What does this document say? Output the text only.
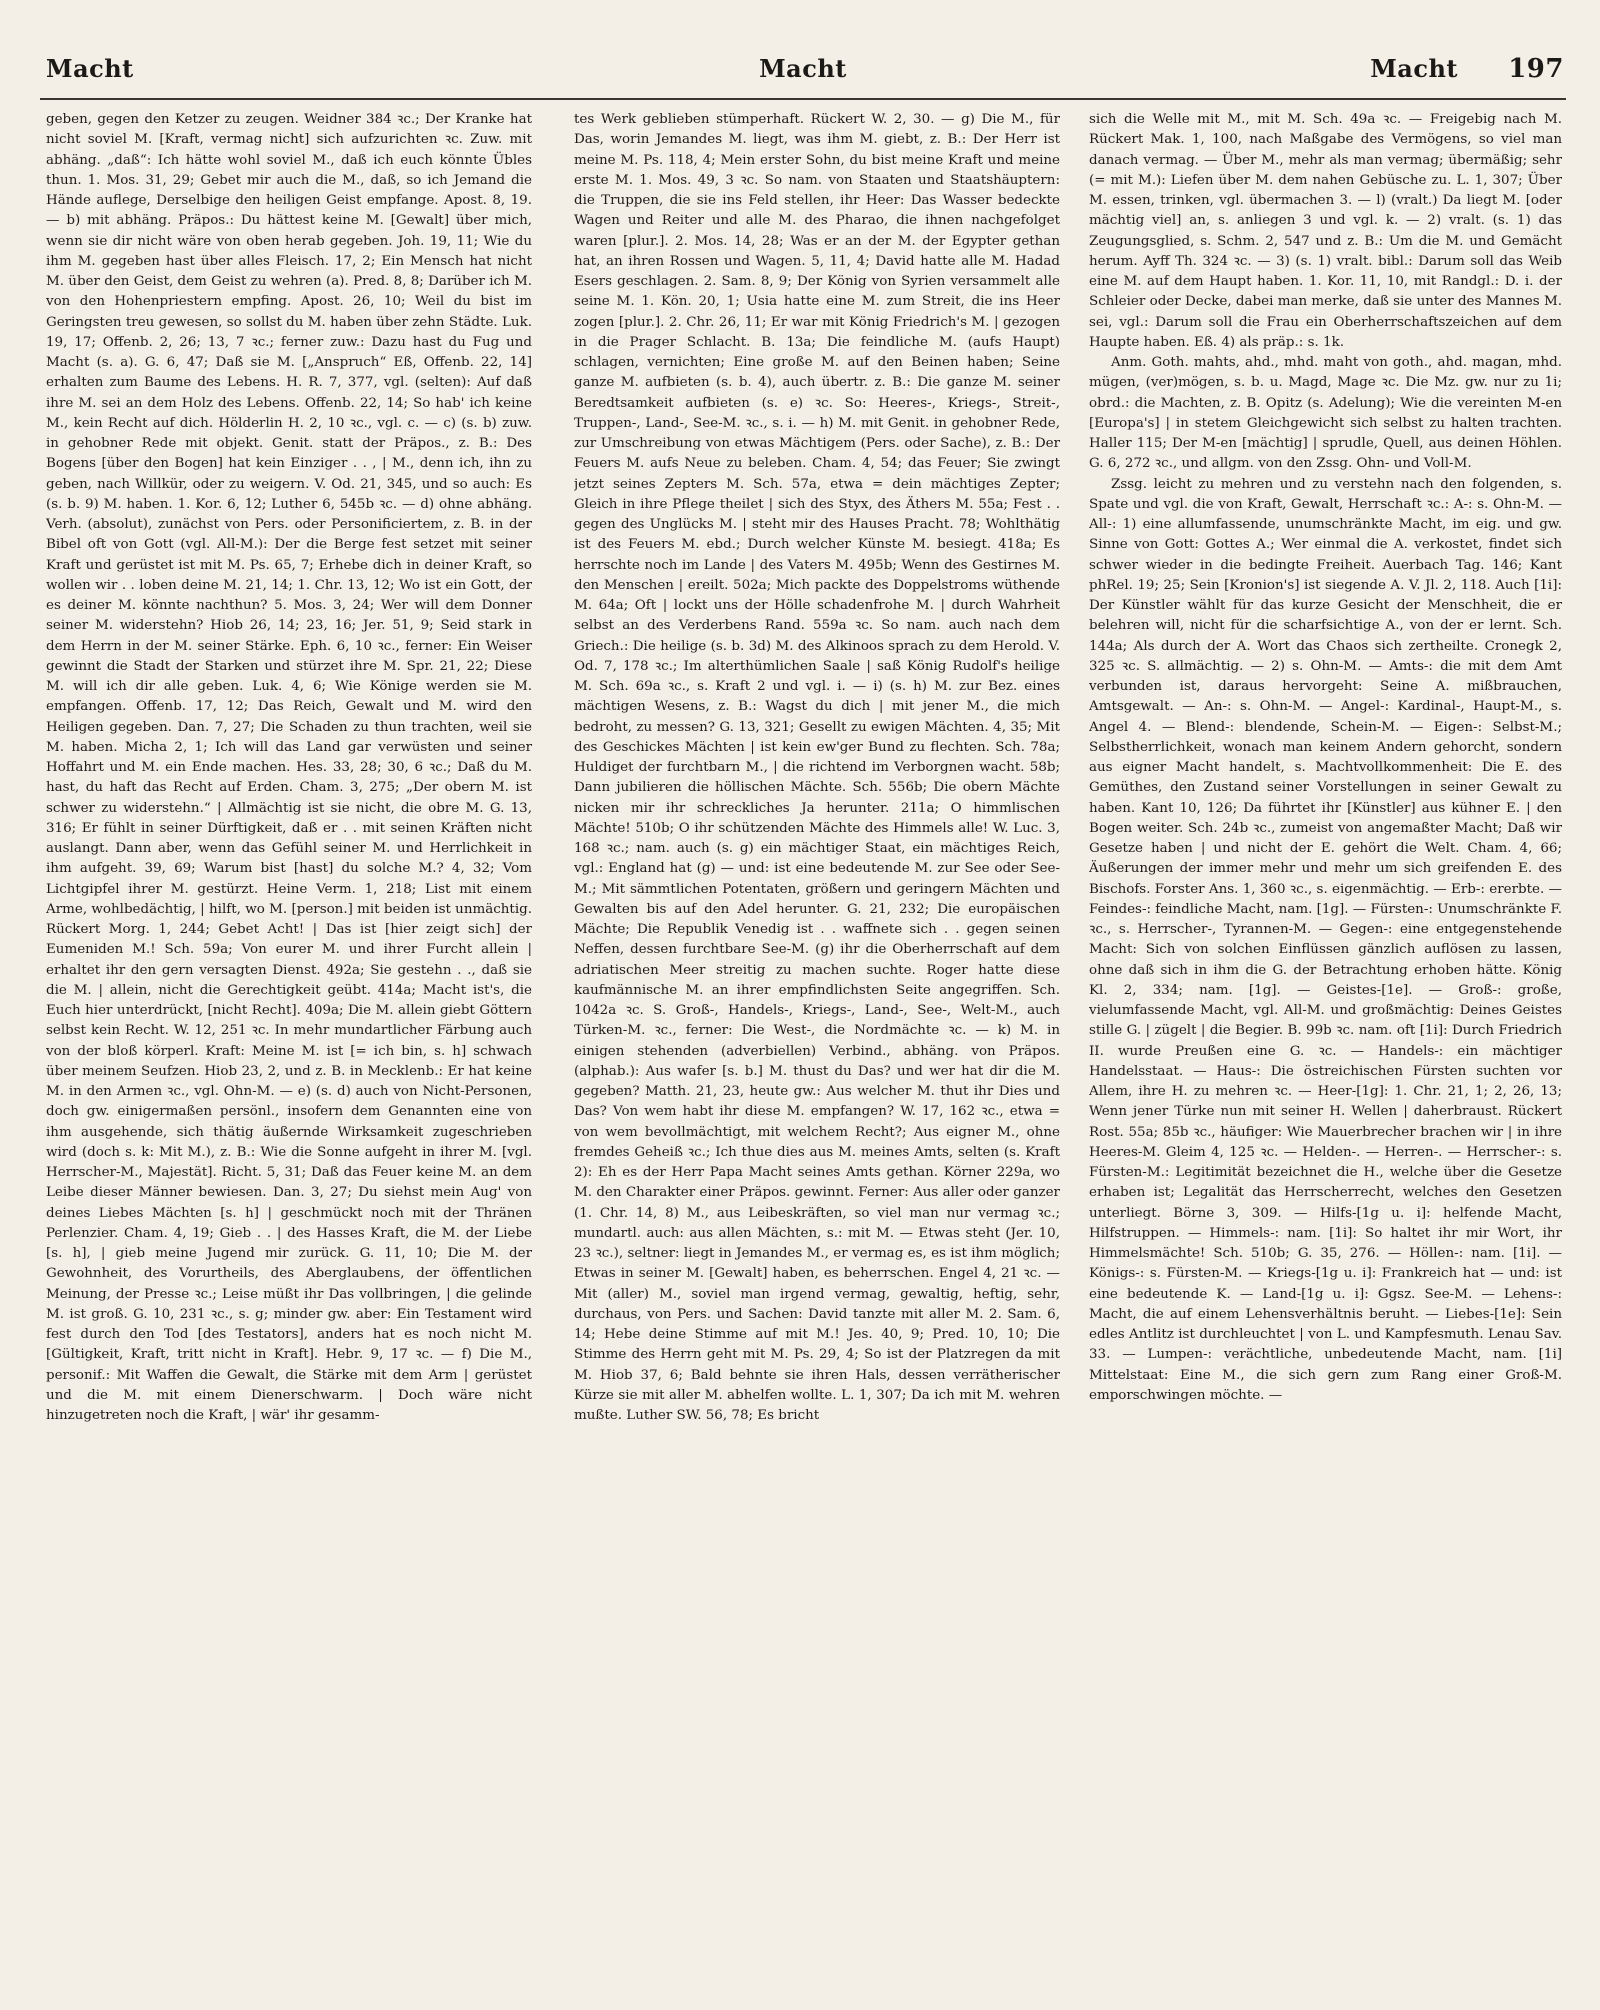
Macht	Macht	Macht 197

geben, gegen den Ketzer zu zeugen. Weidner 384 ꝛc.; Der Kranke hat nicht soviel M. [Kraft, vermag nicht] sich aufzurichten ꝛc. Zuw. mit abhäng. „daß“: Ich hätte wohl soviel M., daß ich euch könnte Übles thun. 1. Mos. 31, 29; Gebet mir auch die M., daß, so ich Jemand die Hände auflege, Derselbige den heiligen Geist empfange. Apost. 8, 19. — b) mit abhäng. Präpos.: Du hättest keine M. [Gewalt] über mich, wenn sie dir nicht wäre von oben herab gegeben. Joh. 19, 11; Wie du ihm M. gegeben hast über alles Fleisch. 17, 2; Ein Mensch hat nicht M. über den Geist, dem Geist zu wehren (a). Pred. 8, 8; Darüber ich M. von den Hohenpriestern empfing. Apost. 26, 10; Weil du bist im Geringsten treu gewesen, so sollst du M. haben über zehn Städte. Luk. 19, 17; Offenb. 2, 26; 13, 7 ꝛc.; ferner zuw.: Dazu hast du Fug und Macht (s. a). G. 6, 47; Daß sie M. [„Anspruch“ Eß, Offenb. 22, 14] erhalten zum Baume des Lebens. H. R. 7, 377, vgl. (selten): Auf daß ihre M. sei an dem Holz des Lebens. Offenb. 22, 14; So hab' ich keine M., kein Recht auf dich. Hölderlin H. 2, 10 ꝛc., vgl. c. — c) (s. b) zuw. in gehobner Rede mit objekt. Genit. statt der Präpos., z. B.: Des Bogens [über den Bogen] hat kein Einziger . . , | M., denn ich, ihn zu geben, nach Willkür, oder zu weigern. V. Od. 21, 345, und so auch: Es (s. b. 9) M. haben. 1. Kor. 6, 12; Luther 6, 545b ꝛc. — d) ohne abhäng. Verh. (absolut), zunächst von Pers. oder Personificiertem, z. B. in der Bibel oft von Gott (vgl. All-M.): Der die Berge fest setzet mit seiner Kraft und gerüstet ist mit M. Ps. 65, 7; Erhebe dich in deiner Kraft, so wollen wir . . loben deine M. 21, 14; 1. Chr. 13, 12; Wo ist ein Gott, der es deiner M. könnte nachthun? 5. Mos. 3, 24; Wer will dem Donner seiner M. widerstehn? Hiob 26, 14; 23, 16; Jer. 51, 9; Seid stark in dem Herrn in der M. seiner Stärke. Eph. 6, 10 ꝛc., ferner: Ein Weiser gewinnt die Stadt der Starken und stürzet ihre M. Spr. 21, 22; Diese M. will ich dir alle geben. Luk. 4, 6; Wie Könige werden sie M. empfangen. Offenb. 17, 12; Das Reich, Gewalt und M. wird den Heiligen gegeben. Dan. 7, 27; Die Schaden zu thun trachten, weil sie M. haben. Micha 2, 1; Ich will das Land gar verwüsten und seiner Hoffahrt und M. ein Ende machen. Hes. 33, 28; 30, 6 ꝛc.; Daß du M. hast, du haft das Recht auf Erden. Cham. 3, 275; „Der obern M. ist schwer zu widerstehn.“ | Allmächtig ist sie nicht, die obre M. G. 13, 316; Er fühlt in seiner Dürftigkeit, daß er . . mit seinen Kräften nicht auslangt. Dann aber, wenn das Gefühl seiner M. und Herrlichkeit in ihm aufgeht. 39, 69; Warum bist [hast] du solche M.? 4, 32; Vom Lichtgipfel ihrer M. gestürzt. Heine Verm. 1, 218; List mit einem Arme, wohlbedächtig, | hilft, wo M. [person.] mit beiden ist unmächtig. Rückert Morg. 1, 244; Gebet Acht! | Das ist [hier zeigt sich] der Eumeniden M.! Sch. 59a; Von eurer M. und ihrer Furcht allein | erhaltet ihr den gern versagten Dienst. 492a; Sie gestehn . ., daß sie die M. | allein, nicht die Gerechtigkeit geübt. 414a; Macht ist's, die Euch hier unterdrückt, [nicht Recht]. 409a; Die M. allein giebt Göttern selbst kein Recht. W. 12, 251 ꝛc. In mehr mundartlicher Färbung auch von der bloß körperl. Kraft: Meine M. ist [= ich bin, s. h] schwach über meinem Seufzen. Hiob 23, 2, und z. B. in Mecklenb.: Er hat keine M. in den Armen ꝛc., vgl. Ohn-M. — e) (s. d) auch von Nicht-Personen, doch gw. einigermaßen persönl., insofern dem Genannten eine von ihm ausgehende, sich thätig äußernde Wirksamkeit zugeschrieben wird (doch s. k: Mit M.), z. B.: Wie die Sonne aufgeht in ihrer M. [vgl. Herrscher-M., Majestät]. Richt. 5, 31; Daß das Feuer keine M. an dem Leibe dieser Männer bewiesen. Dan. 3, 27; Du siehst mein Aug' von deines Liebes Mächten [s. h] | geschmückt noch mit der Thränen Perlenzier. Cham. 4, 19; Gieb . . | des Hasses Kraft, die M. der Liebe [s. h], | gieb meine Jugend mir zurück. G. 11, 10; Die M. der Gewohnheit, des Vorurtheils, des Aberglaubens, der öffentlichen Meinung, der Presse ꝛc.; Leise müßt ihr Das vollbringen, | die gelinde M. ist groß. G. 10, 231 ꝛc., s. g; minder gw. aber: Ein Testament wird fest durch den Tod [des Testators], anders hat es noch nicht M. [Gültigkeit, Kraft, tritt nicht in Kraft]. Hebr. 9, 17 ꝛc. — f) Die M., personif.: Mit Waffen die Gewalt, die Stärke mit dem Arm | gerüstet und die M. mit einem Dienerschwarm. | Doch wäre nicht hinzugetreten noch die Kraft, | wär' ihr gesamm-

tes Werk geblieben stümperhaft. Rückert W. 2, 30. — g) Die M., für Das, worin Jemandes M. liegt, was ihm M. giebt, z. B.: Der Herr ist meine M. Ps. 118, 4; Mein erster Sohn, du bist meine Kraft und meine erste M. 1. Mos. 49, 3 ꝛc. So nam. von Staaten und Staatshäuptern: die Truppen, die sie ins Feld stellen, ihr Heer: Das Wasser bedeckte Wagen und Reiter und alle M. des Pharao, die ihnen nachgefolget waren [plur.]. 2. Mos. 14, 28; Was er an der M. der Egypter gethan hat, an ihren Rossen und Wagen. 5, 11, 4; David hatte alle M. Hadad Esers geschlagen. 2. Sam. 8, 9; Der König von Syrien versammelt alle seine M. 1. Kön. 20, 1; Usia hatte eine M. zum Streit, die ins Heer zogen [plur.]. 2. Chr. 26, 11; Er war mit König Friedrich's M. | gezogen in die Prager Schlacht. B. 13a; Die feindliche M. (aufs Haupt) schlagen, vernichten; Eine große M. auf den Beinen haben; Seine ganze M. aufbieten (s. b. 4), auch übertr. z. B.: Die ganze M. seiner Beredtsamkeit aufbieten (s. e) ꝛc. So: Heeres-, Kriegs-, Streit-, Truppen-, Land-, See-M. ꝛc., s. i. — h) M. mit Genit. in gehobner Rede, zur Umschreibung von etwas Mächtigem (Pers. oder Sache), z. B.: Der Feuers M. aufs Neue zu beleben. Cham. 4, 54; das Feuer; Sie zwingt jetzt seines Zepters M. Sch. 57a, etwa = dein mächtiges Zepter; Gleich in ihre Pflege theilet | sich des Styx, des Äthers M. 55a; Fest . . gegen des Unglücks M. | steht mir des Hauses Pracht. 78; Wohlthätig ist des Feuers M. ebd.; Durch welcher Künste M. besiegt. 418a; Es herrschte noch im Lande | des Vaters M. 495b; Wenn des Gestirnes M. den Menschen | ereilt. 502a; Mich packte des Doppelstroms wüthende M. 64a; Oft | lockt uns der Hölle schadenfrohe M. | durch Wahrheit selbst an des Verderbens Rand. 559a ꝛc. So nam. auch nach dem Griech.: Die heilige (s. b. 3d) M. des Alkinoos sprach zu dem Herold. V. Od. 7, 178 ꝛc.; Im alterthümlichen Saale | saß König Rudolf's heilige M. Sch. 69a ꝛc., s. Kraft 2 und vgl. i. — i) (s. h) M. zur Bez. eines mächtigen Wesens, z. B.: Wagst du dich | mit jener M., die mich bedroht, zu messen? G. 13, 321; Gesellt zu ewigen Mächten. 4, 35; Mit des Geschickes Mächten | ist kein ew'ger Bund zu flechten. Sch. 78a; Huldiget der furchtbarn M., | die richtend im Verborgnen wacht. 58b; Dann jubilieren die höllischen Mächte. Sch. 556b; Die obern Mächte nicken mir ihr schreckliches Ja herunter. 211a; O himmlischen Mächte! 510b; O ihr schützenden Mächte des Himmels alle! W. Luc. 3, 168 ꝛc.; nam. auch (s. g) ein mächtiger Staat, ein mächtiges Reich, vgl.: England hat (g) — und: ist eine bedeutende M. zur See oder See-M.; Mit sämmtlichen Potentaten, größern und geringern Mächten und Gewalten bis auf den Adel herunter. G. 21, 232; Die europäischen Mächte; Die Republik Venedig ist . . waffnete sich . . gegen seinen Neffen, dessen furchtbare See-M. (g) ihr die Oberherrschaft auf dem adriatischen Meer streitig zu machen suchte. Roger hatte diese kaufmännische M. an ihrer empfindlichsten Seite angegriffen. Sch. 1042a ꝛc. S. Groß-, Handels-, Kriegs-, Land-, See-, Welt-M., auch Türken-M. ꝛc., ferner: Die West-, die Nordmächte ꝛc. — k) M. in einigen stehenden (adverbiellen) Verbind., abhäng. von Präpos. (alphab.): Aus wafer [s. b.] M. thust du Das? und wer hat dir die M. gegeben? Matth. 21, 23, heute gw.: Aus welcher M. thut ihr Dies und Das? Von wem habt ihr diese M. empfangen? W. 17, 162 ꝛc., etwa = von wem bevollmächtigt, mit welchem Recht?; Aus eigner M., ohne fremdes Geheiß ꝛc.; Ich thue dies aus M. meines Amts, selten (s. Kraft 2): Eh es der Herr Papa Macht seines Amts gethan. Körner 229a, wo M. den Charakter einer Präpos. gewinnt. Ferner: Aus aller oder ganzer (1. Chr. 14, 8) M., aus Leibeskräften, so viel man nur vermag ꝛc.; mundartl. auch: aus allen Mächten, s.: mit M. — Etwas steht (Jer. 10, 23 ꝛc.), seltner: liegt in Jemandes M., er vermag es, es ist ihm möglich; Etwas in seiner M. [Gewalt] haben, es beherrschen. Engel 4, 21 ꝛc. — Mit (aller) M., soviel man irgend vermag, gewaltig, heftig, sehr, durchaus, von Pers. und Sachen: David tanzte mit aller M. 2. Sam. 6, 14; Hebe deine Stimme auf mit M.! Jes. 40, 9; Pred. 10, 10; Die Stimme des Herrn geht mit M. Ps. 29, 4; So ist der Platzregen da mit M. Hiob 37, 6; Bald behnte sie ihren Hals, dessen verrätherischer Kürze sie mit aller M. abhelfen wollte. L. 1, 307; Da ich mit M. wehren mußte. Luther SW. 56, 78; Es bricht

sich die Welle mit M., mit M. Sch. 49a ꝛc. — Freigebig nach M. Rückert Mak. 1, 100, nach Maßgabe des Vermögens, so viel man danach vermag. — Über M., mehr als man vermag; übermäßig; sehr (= mit M.): Liefen über M. dem nahen Gebüsche zu. L. 1, 307; Über M. essen, trinken, vgl. übermachen 3. — l) (vralt.) Da liegt M. [oder mächtig viel] an, s. anliegen 3 und vgl. k. — 2) vralt. (s. 1) das Zeugungsglied, s. Schm. 2, 547 und z. B.: Um die M. und Gemächt herum. Ayff Th. 324 ꝛc. — 3) (s. 1) vralt. bibl.: Darum soll das Weib eine M. auf dem Haupt haben. 1. Kor. 11, 10, mit Randgl.: D. i. der Schleier oder Decke, dabei man merke, daß sie unter des Mannes M. sei, vgl.: Darum soll die Frau ein Oberherrschaftszeichen auf dem Haupte haben. Eß. 4) als präp.: s. 1k.

Anm. Goth. mahts, ahd., mhd. maht von goth., ahd. magan, mhd. mügen, (ver)mögen, s. b. u. Magd, Mage ꝛc. Die Mz. gw. nur zu 1i; obrd.: die Machten, z. B. Opitz (s. Adelung); Wie die vereinten M-en [Europa's] | in stetem Gleichgewicht sich selbst zu halten trachten. Haller 115; Der M-en [mächtig] | sprudle, Quell, aus deinen Höhlen. G. 6, 272 ꝛc., und allgm. von den Zssg. Ohn- und Voll-M.

Zssg. leicht zu mehren und zu verstehn nach den folgenden, s. Spate und vgl. die von Kraft, Gewalt, Herrschaft ꝛc.: A-: s. Ohn-M. — All-: 1) eine allumfassende, unumschränkte Macht, im eig. und gw. Sinne von Gott: Gottes A.; Wer einmal die A. verkostet, findet sich schwer wieder in die bedingte Freiheit. Auerbach Tag. 146; Kant phRel. 19; 25; Sein [Kronion's] ist siegende A. V. Jl. 2, 118. Auch [1i]: Der Künstler wählt für das kurze Gesicht der Menschheit, die er belehren will, nicht für die scharfsichtige A., von der er lernt. Sch. 144a; Als durch der A. Wort das Chaos sich zertheilte. Cronegk 2, 325 ꝛc. S. allmächtig. — 2) s. Ohn-M. — Amts-: die mit dem Amt verbunden ist, daraus hervorgeht: Seine A. mißbrauchen, Amtsgewalt. — An-: s. Ohn-M. — Angel-: Kardinal-, Haupt-M., s. Angel 4. — Blend-: blendende, Schein-M. — Eigen-: Selbst-M.; Selbstherrlichkeit, wonach man keinem Andern gehorcht, sondern aus eigner Macht handelt, s. Machtvollkommenheit: Die E. des Gemüthes, den Zustand seiner Vorstellungen in seiner Gewalt zu haben. Kant 10, 126; Da führtet ihr [Künstler] aus kühner E. | den Bogen weiter. Sch. 24b ꝛc., zumeist von angemaßter Macht; Daß wir Gesetze haben | und nicht der E. gehört die Welt. Cham. 4, 66; Äußerungen der immer mehr und mehr um sich greifenden E. des Bischofs. Forster Ans. 1, 360 ꝛc., s. eigenmächtig. — Erb-: ererbte. — Feindes-: feindliche Macht, nam. [1g]. — Fürsten-: Unumschränkte F. ꝛc., s. Herrscher-, Tyrannen-M. — Gegen-: eine entgegenstehende Macht: Sich von solchen Einflüssen gänzlich auflösen zu lassen, ohne daß sich in ihm die G. der Betrachtung erhoben hätte. König Kl. 2, 334; nam. [1g]. — Geistes-[1e]. — Groß-: große, vielumfassende Macht, vgl. All-M. und großmächtig: Deines Geistes stille G. | zügelt | die Begier. B. 99b ꝛc. nam. oft [1i]: Durch Friedrich II. wurde Preußen eine G. ꝛc. — Handels-: ein mächtiger Handelsstaat. — Haus-: Die östreichischen Fürsten suchten vor Allem, ihre H. zu mehren ꝛc. — Heer-[1g]: 1. Chr. 21, 1; 2, 26, 13; Wenn jener Türke nun mit seiner H. Wellen | daherbraust. Rückert Rost. 55a; 85b ꝛc., häufiger: Wie Mauerbrecher brachen wir | in ihre Heeres-M. Gleim 4, 125 ꝛc. — Helden-. — Herren-. — Herrscher-: s. Fürsten-M.: Legitimität bezeichnet die H., welche über die Gesetze erhaben ist; Legalität das Herrscherrecht, welches den Gesetzen unterliegt. Börne 3, 309. — Hilfs-[1g u. i]: helfende Macht, Hilfstruppen. — Himmels-: nam. [1i]: So haltet ihr mir Wort, ihr Himmelsmächte! Sch. 510b; G. 35, 276. — Höllen-: nam. [1i]. — Königs-: s. Fürsten-M. — Kriegs-[1g u. i]: Frankreich hat — und: ist eine bedeutende K. — Land-[1g u. i]: Ggsz. See-M. — Lehens-: Macht, die auf einem Lehensverhältnis beruht. — Liebes-[1e]: Sein edles Antlitz ist durchleuchtet | von L. und Kampfesmuth. Lenau Sav. 33. — Lumpen-: verächtliche, unbedeutende Macht, nam. [1i] Mittelstaat: Eine M., die sich gern zum Rang einer Groß-M. emporschwingen möchte. —
